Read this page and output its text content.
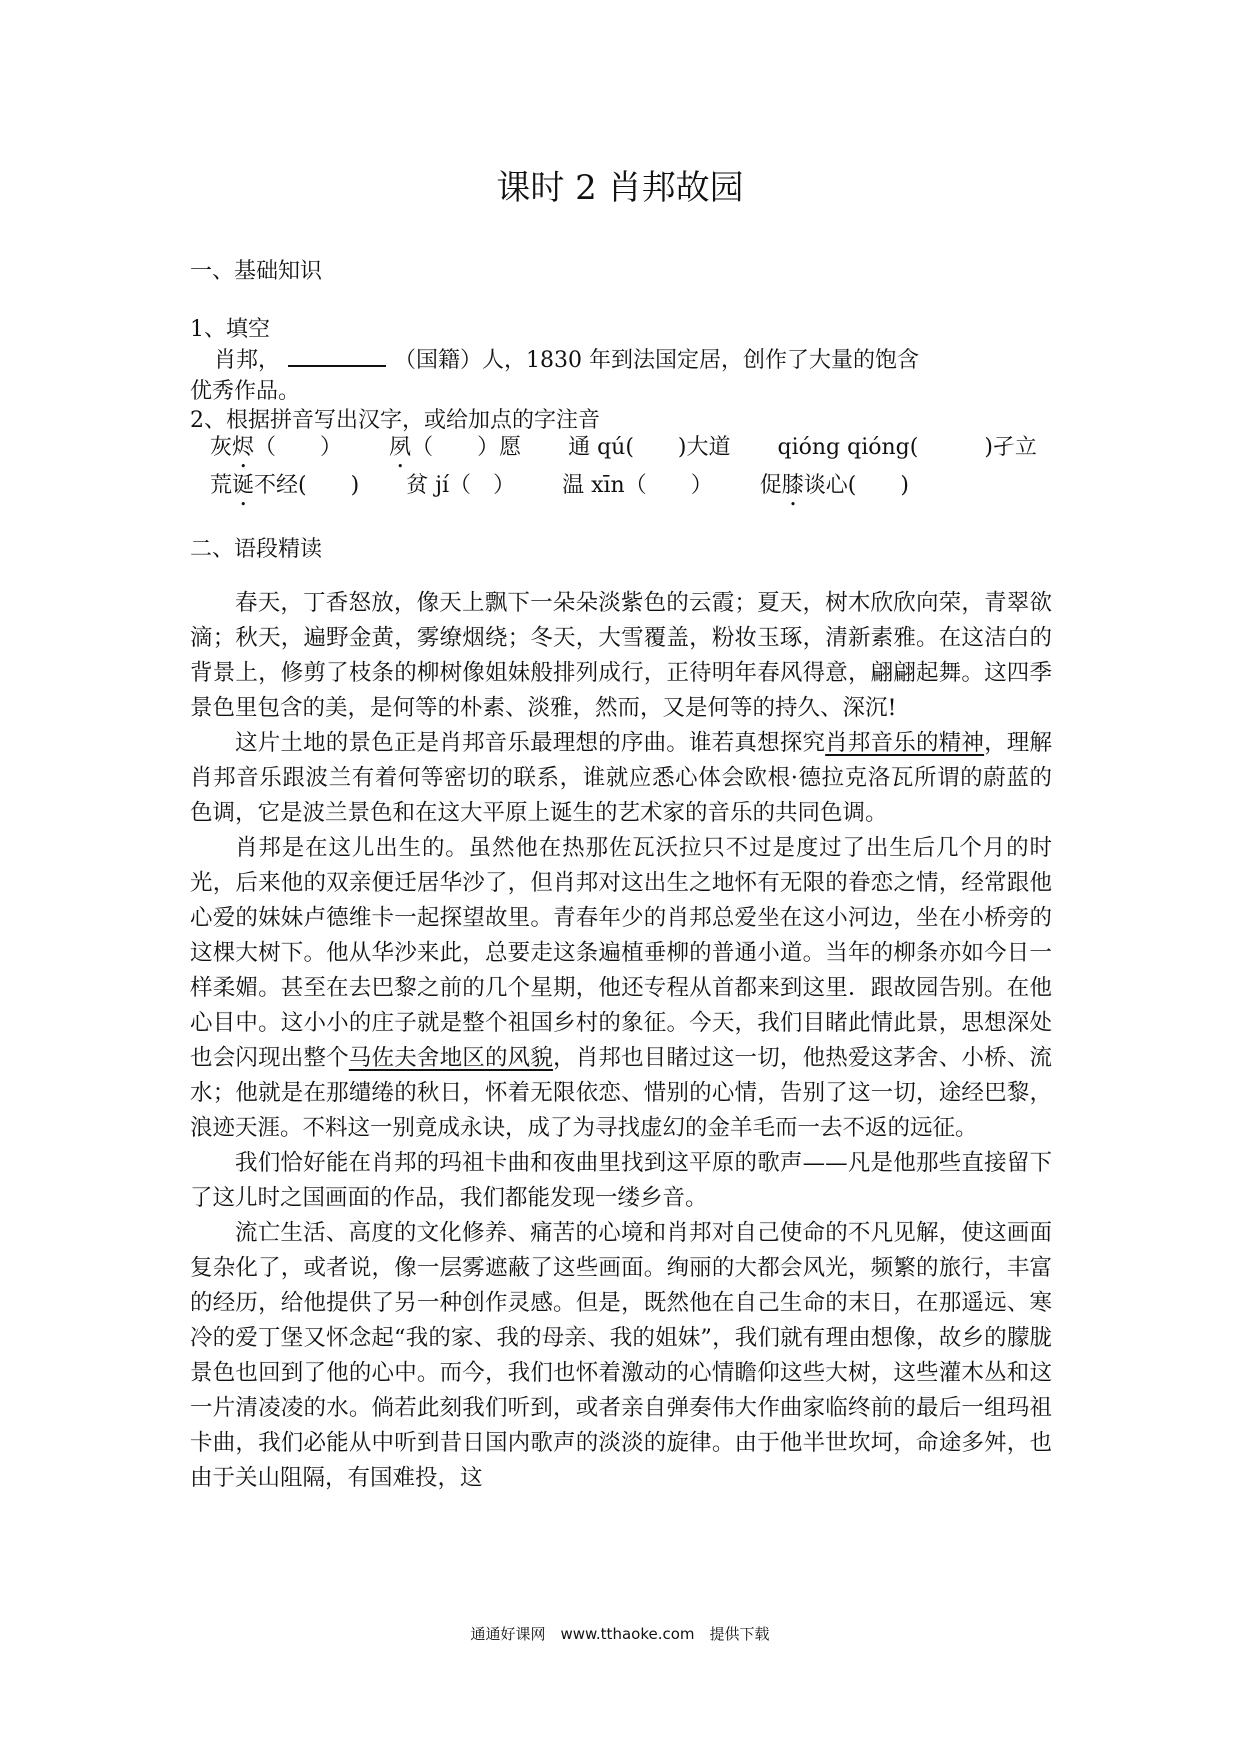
课时 2 肖邦故园
一、基础知识
1、填空
肖邦，	（国籍）人，1830 年到法国定居，创作了大量的饱含
优秀作品。
2、根据拼音写出汉字，或给加点的字注音
灰烬（　　） 夙（　　）愿 通 qú(　　)大道 qióng qióng(　　　)孑立
荒诞不经(　　) 贫 jí（　） 温 xīn（　　） 促膝谈心(　　)
二、语段精读

春天，丁香怒放，像天上飘下一朵朵淡紫色的云霞；夏天，树木欣欣向荣，青翠欲滴；秋天，遍野金黄，雾缭烟绕；冬天，大雪覆盖，粉妆玉琢，清新素雅。在这洁白的背景上，修剪了枝条的柳树像姐妹般排列成行，正待明年春风得意，翩翩起舞。这四季景色里包含的美，是何等的朴素、淡雅，然而，又是何等的持久、深沉!

这片土地的景色正是肖邦音乐最理想的序曲。谁若真想探究肖邦音乐的精神，理解肖邦音乐跟波兰有着何等密切的联系，谁就应悉心体会欧根·德拉克洛瓦所谓的蔚蓝的色调，它是波兰景色和在这大平原上诞生的艺术家的音乐的共同色调。

肖邦是在这儿出生的。虽然他在热那佐瓦沃拉只不过是度过了出生后几个月的时光，后来他的双亲便迁居华沙了，但肖邦对这出生之地怀有无限的眷恋之情，经常跟他心爱的妹妹卢德维卡一起探望故里。青春年少的肖邦总爱坐在这小河边，坐在小桥旁的这棵大树下。他从华沙来此，总要走这条遍植垂柳的普通小道。当年的柳条亦如今日一样柔媚。甚至在去巴黎之前的几个星期，他还专程从首都来到这里．跟故园告别。在他心目中。这小小的庄子就是整个祖国乡村的象征。今天，我们目睹此情此景，思想深处也会闪现出整个马佐夫舍地区的风貌，肖邦也目睹过这一切，他热爱这茅舍、小桥、流水；他就是在那缱绻的秋日，怀着无限依恋、惜别的心情，告别了这一切，途经巴黎，浪迹天涯。不料这一别竟成永诀，成了为寻找虚幻的金羊毛而一去不返的远征。

我们恰好能在肖邦的玛祖卡曲和夜曲里找到这平原的歌声——凡是他那些直接留下了这儿时之国画面的作品，我们都能发现一缕乡音。

流亡生活、高度的文化修养、痛苦的心境和肖邦对自己使命的不凡见解，使这画面复杂化了，或者说，像一层雾遮蔽了这些画面。绚丽的大都会风光，频繁的旅行，丰富的经历，给他提供了另一种创作灵感。但是，既然他在自己生命的末日，在那遥远、寒冷的爱丁堡又怀念起“我的家、我的母亲、我的姐妹”，我们就有理由想像，故乡的朦胧景色也回到了他的心中。而今，我们也怀着激动的心情瞻仰这些大树，这些灌木丛和这一片清凌凌的水。倘若此刻我们听到，或者亲自弹奏伟大作曲家临终前的最后一组玛祖卡曲，我们必能从中听到昔日国内歌声的淡淡的旋律。由于他半世坎坷，命途多舛，也由于关山阻隔，有国难投，这

通通好课网　www.tthaoke.com　提供下载
